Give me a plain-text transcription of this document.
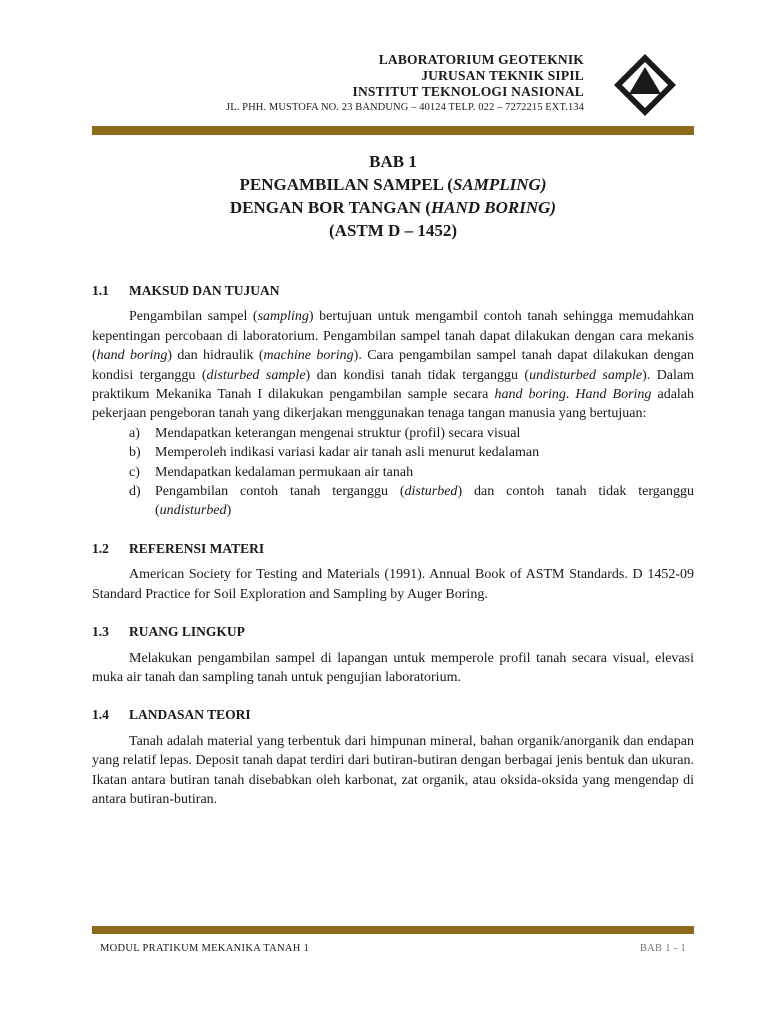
LABORATORIUM GEOTEKNIK
JURUSAN TEKNIK SIPIL
INSTITUT TEKNOLOGI NASIONAL
JL. PHH. MUSTOFA NO. 23 BANDUNG – 40124 TELP. 022 – 7272215 EXT.134
BAB 1
PENGAMBILAN SAMPEL (SAMPLING)
DENGAN BOR TANGAN (HAND BORING)
(ASTM D – 1452)
1.1	MAKSUD DAN TUJUAN
Pengambilan sampel (sampling) bertujuan untuk mengambil contoh tanah sehingga memudahkan kepentingan percobaan di laboratorium. Pengambilan sampel tanah dapat dilakukan dengan cara mekanis (hand boring) dan hidraulik (machine boring). Cara pengambilan sampel tanah dapat dilakukan dengan kondisi terganggu (disturbed sample) dan kondisi tanah tidak terganggu (undisturbed sample). Dalam praktikum Mekanika Tanah I dilakukan pengambilan sample secara hand boring. Hand Boring adalah pekerjaan pengeboran tanah yang dikerjakan menggunakan tenaga tangan manusia yang bertujuan:
a)	Mendapatkan keterangan mengenai struktur (profil) secara visual
b)	Memperoleh indikasi variasi kadar air tanah asli menurut kedalaman
c)	Mendapatkan kedalaman permukaan air tanah
d)	Pengambilan contoh tanah terganggu (disturbed) dan contoh tanah tidak terganggu (undisturbed)
1.2	REFERENSI MATERI
American Society for Testing and Materials (1991). Annual Book of ASTM Standards. D 1452-09 Standard Practice for Soil Exploration and Sampling by Auger Boring.
1.3	RUANG LINGKUP
Melakukan pengambilan sampel di lapangan untuk memperole profil tanah secara visual, elevasi muka air tanah dan sampling tanah untuk pengujian laboratorium.
1.4	LANDASAN TEORI
Tanah adalah material yang terbentuk dari himpunan mineral, bahan organik/anorganik dan endapan yang relatif lepas. Deposit tanah dapat terdiri dari butiran-butiran dengan berbagai jenis bentuk dan ukuran. Ikatan antara butiran tanah disebabkan oleh karbonat, zat organik, atau oksida-oksida yang mengendap di antara butiran-butiran.
MODUL PRATIKUM MEKANIKA TANAH 1	BAB 1 - 1
